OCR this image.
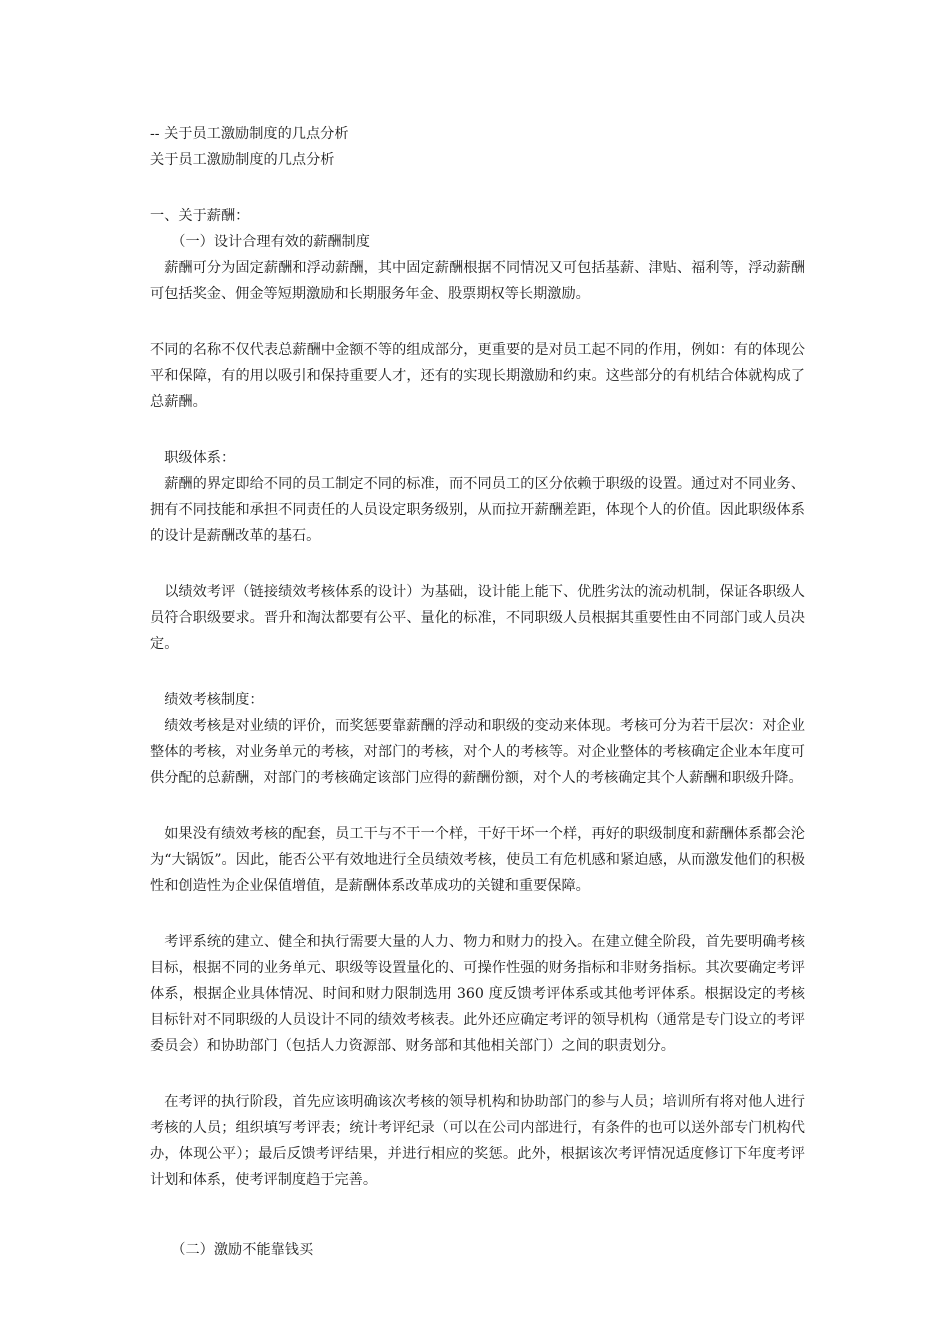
-- 关于员工激励制度的几点分析

关于员工激励制度的几点分析

一、关于薪酬：

（一）设计合理有效的薪酬制度

薪酬可分为固定薪酬和浮动薪酬，其中固定薪酬根据不同情况又可包括基薪、津贴、福利等，浮动薪酬可包括奖金、佣金等短期激励和长期服务年金、股票期权等长期激励。

不同的名称不仅代表总薪酬中金额不等的组成部分，更重要的是对员工起不同的作用，例如：有的体现公平和保障，有的用以吸引和保持重要人才，还有的实现长期激励和约束。这些部分的有机结合体就构成了总薪酬。

职级体系：

薪酬的界定即给不同的员工制定不同的标准，而不同员工的区分依赖于职级的设置。通过对不同业务、拥有不同技能和承担不同责任的人员设定职务级别，从而拉开薪酬差距，体现个人的价值。因此职级体系的设计是薪酬改革的基石。

以绩效考评（链接绩效考核体系的设计）为基础，设计能上能下、优胜劣汰的流动机制，保证各职级人员符合职级要求。晋升和淘汰都要有公平、量化的标准，不同职级人员根据其重要性由不同部门或人员决定。

绩效考核制度：

绩效考核是对业绩的评价，而奖惩要靠薪酬的浮动和职级的变动来体现。考核可分为若干层次：对企业整体的考核，对业务单元的考核，对部门的考核，对个人的考核等。对企业整体的考核确定企业本年度可供分配的总薪酬，对部门的考核确定该部门应得的薪酬份额，对个人的考核确定其个人薪酬和职级升降。

如果没有绩效考核的配套，员工干与不干一个样，干好干坏一个样，再好的职级制度和薪酬体系都会沦为“大锅饭”。因此，能否公平有效地进行全员绩效考核，使员工有危机感和紧迫感，从而激发他们的积极性和创造性为企业保值增值，是薪酬体系改革成功的关键和重要保障。

考评系统的建立、健全和执行需要大量的人力、物力和财力的投入。在建立健全阶段，首先要明确考核目标，根据不同的业务单元、职级等设置量化的、可操作性强的财务指标和非财务指标。其次要确定考评体系，根据企业具体情况、时间和财力限制选用 360 度反馈考评体系或其他考评体系。根据设定的考核目标针对不同职级的人员设计不同的绩效考核表。此外还应确定考评的领导机构（通常是专门设立的考评委员会）和协助部门（包括人力资源部、财务部和其他相关部门）之间的职责划分。

在考评的执行阶段，首先应该明确该次考核的领导机构和协助部门的参与人员；培训所有将对他人进行考核的人员；组织填写考评表；统计考评纪录（可以在公司内部进行，有条件的也可以送外部专门机构代办，体现公平）；最后反馈考评结果，并进行相应的奖惩。此外，根据该次考评情况适度修订下年度考评计划和体系，使考评制度趋于完善。

（二）激励不能靠钱买
